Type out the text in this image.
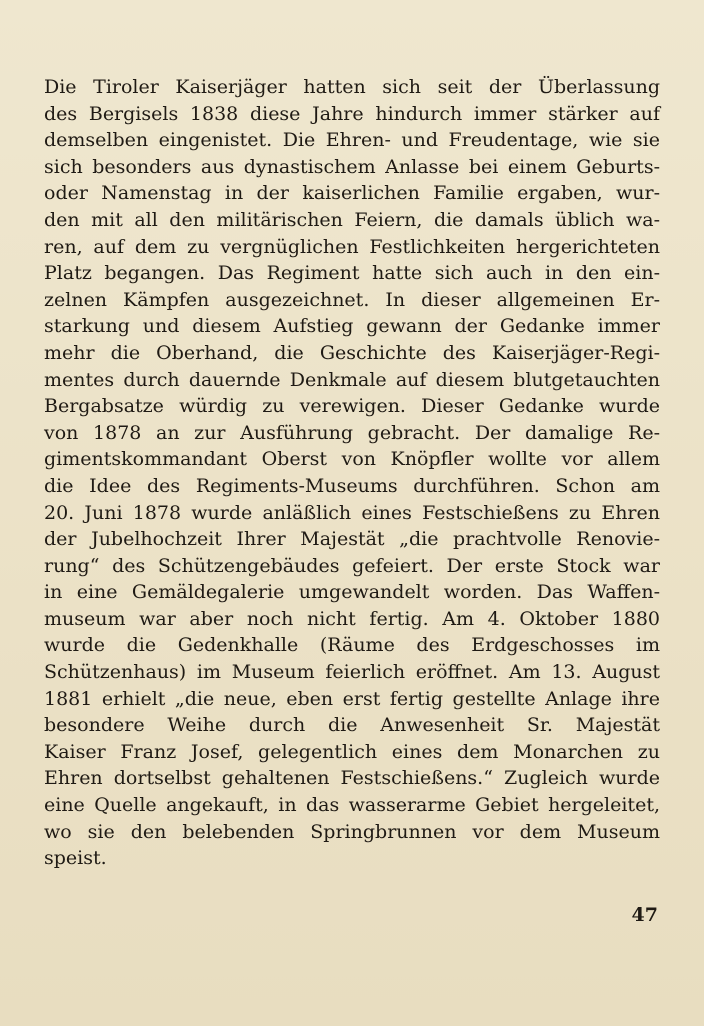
Die Tiroler Kaiserjäger hatten sich seit der Überlassung
des Bergisels 1838 diese Jahre hindurch immer stärker auf
demselben eingenistet. Die Ehren- und Freudentage, wie sie
sich besonders aus dynastischem Anlasse bei einem Geburts-
oder Namenstag in der kaiserlichen Familie ergaben, wur-
den mit all den militärischen Feiern, die damals üblich wa-
ren, auf dem zu vergnüglichen Festlichkeiten hergerichteten
Platz begangen. Das Regiment hatte sich auch in den ein-
zelnen Kämpfen ausgezeichnet. In dieser allgemeinen Er-
starkung und diesem Aufstieg gewann der Gedanke immer
mehr die Oberhand, die Geschichte des Kaiserjäger-Regi-
mentes durch dauernde Denkmale auf diesem blutgetauchten
Bergabsatze würdig zu verewigen. Dieser Gedanke wurde
von 1878 an zur Ausführung gebracht. Der damalige Re-
gimentskommandant Oberst von Knöpfler wollte vor allem
die Idee des Regiments-Museums durchführen. Schon am
20. Juni 1878 wurde anläßlich eines Festschießens zu Ehren
der Jubelhochzeit Ihrer Majestät „die prachtvolle Renovie-
rung“ des Schützengebäudes gefeiert. Der erste Stock war
in eine Gemäldegalerie umgewandelt worden. Das Waffen-
museum war aber noch nicht fertig. Am 4. Oktober 1880
wurde die Gedenkhalle (Räume des Erdgeschosses im
Schützenhaus) im Museum feierlich eröffnet. Am 13. August
1881 erhielt „die neue, eben erst fertig gestellte Anlage ihre
besondere Weihe durch die Anwesenheit Sr. Majestät
Kaiser Franz Josef, gelegentlich eines dem Monarchen zu
Ehren dortselbst gehaltenen Festschießens.“ Zugleich wurde
eine Quelle angekauft, in das wasserarme Gebiet hergeleitet,
wo sie den belebenden Springbrunnen vor dem Museum
speist.
47
